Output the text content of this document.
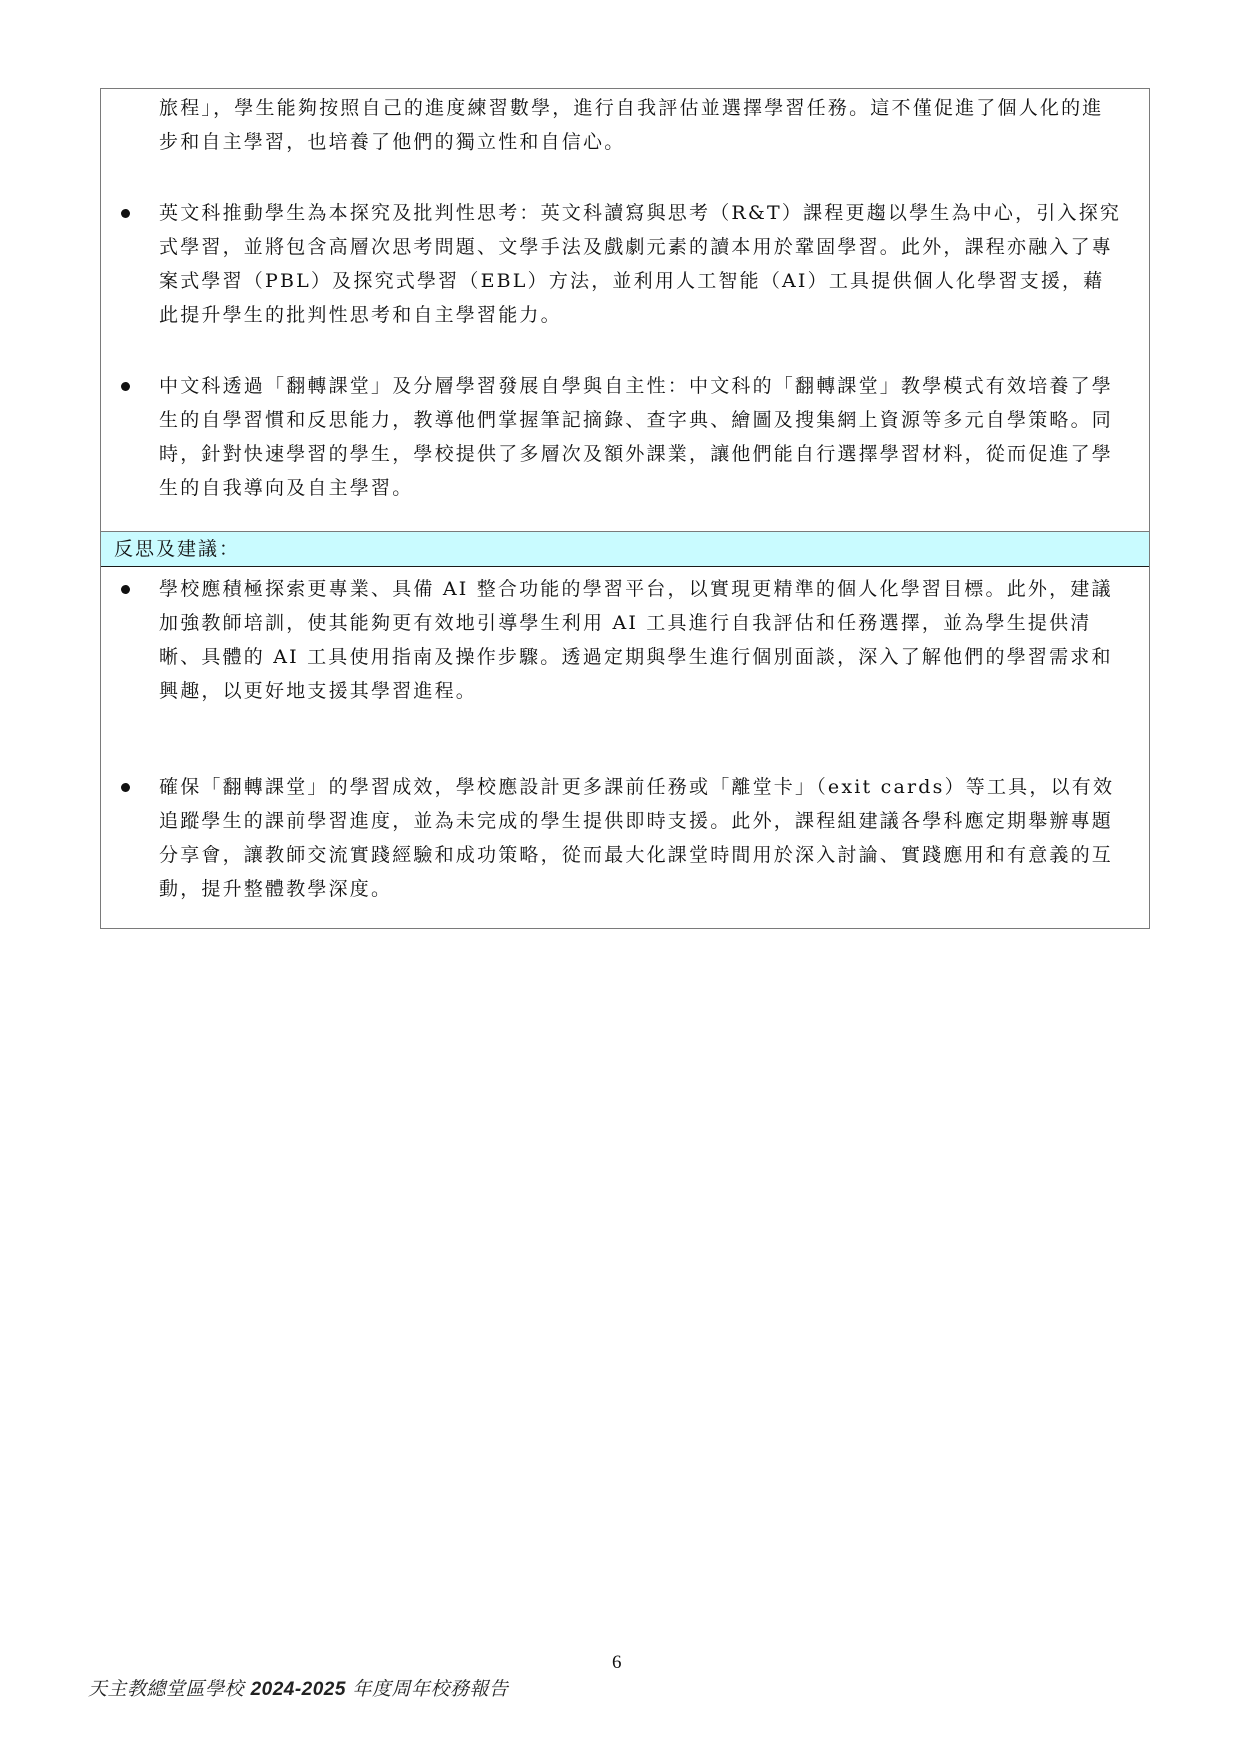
旅程」，學生能夠按照自己的進度練習數學，進行自我評估並選擇學習任務。這不僅促進了個人化的進步和自主學習，也培養了他們的獨立性和自信心。

英文科推動學生為本探究及批判性思考：英文科讀寫與思考（R&T）課程更趨以學生為中心，引入探究式學習，並將包含高層次思考問題、文學手法及戲劇元素的讀本用於鞏固學習。此外，課程亦融入了專案式學習（PBL）及探究式學習（EBL）方法，並利用人工智能（AI）工具提供個人化學習支援，藉此提升學生的批判性思考和自主學習能力。
中文科透過「翻轉課堂」及分層學習發展自學與自主性：中文科的「翻轉課堂」教學模式有效培養了學生的自學習慣和反思能力，教導他們掌握筆記摘錄、查字典、繪圖及搜集網上資源等多元自學策略。同時，針對快速學習的學生，學校提供了多層次及額外課業，讓他們能自行選擇學習材料，從而促進了學生的自我導向及自主學習。
反思及建議：
學校應積極探索更專業、具備 AI 整合功能的學習平台，以實現更精準的個人化學習目標。此外，建議加強教師培訓，使其能夠更有效地引導學生利用 AI 工具進行自我評估和任務選擇，並為學生提供清晰、具體的 AI 工具使用指南及操作步驟。透過定期與學生進行個別面談，深入了解他們的學習需求和興趣，以更好地支援其學習進程。
確保「翻轉課堂」的學習成效，學校應設計更多課前任務或「離堂卡」（exit cards）等工具，以有效追蹤學生的課前學習進度，並為未完成的學生提供即時支援。此外，課程組建議各學科應定期舉辦專題分享會，讓教師交流實踐經驗和成功策略，從而最大化課堂時間用於深入討論、實踐應用和有意義的互動，提升整體教學深度。
6
天主教總堂區學校 2024-2025 年度周年校務報告
